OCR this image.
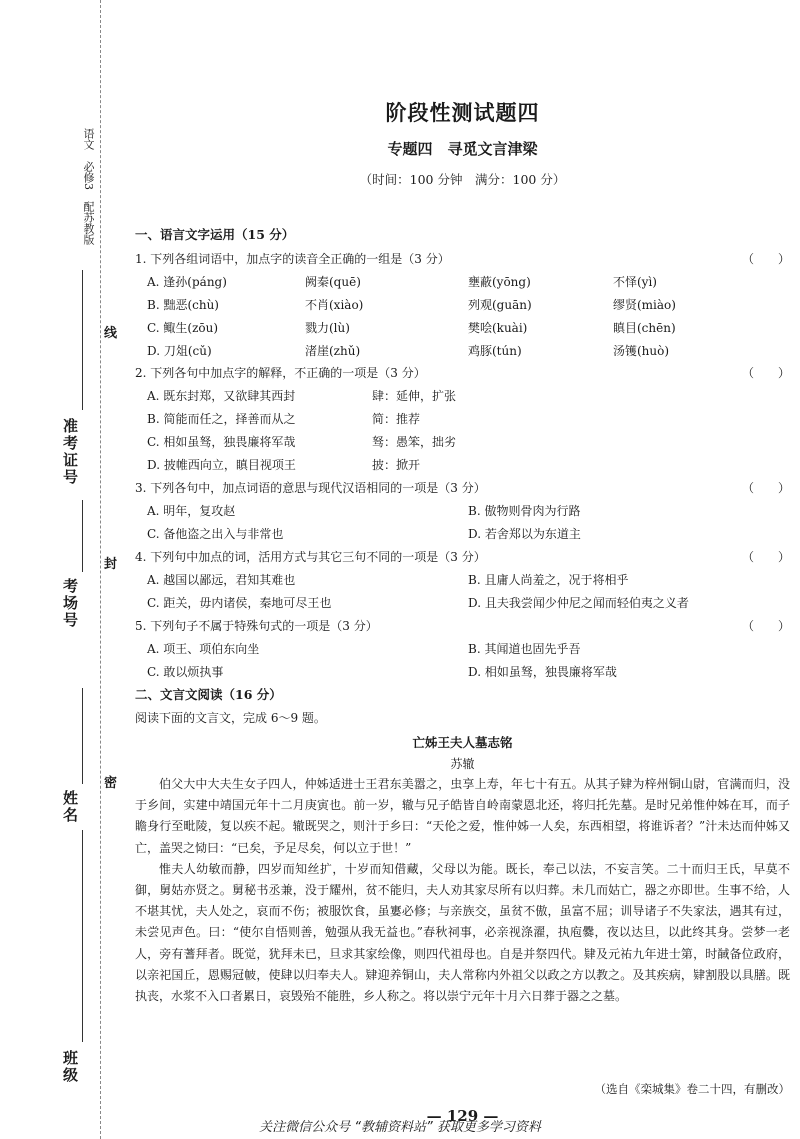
语文　必修3　配苏教版
准考证号
考场号
姓名
班级
线
封
密
阶段性测试题四
专题四　寻觅文言津梁
（时间：100 分钟　满分：100 分）
一、语言文字运用（15 分）
1. 下列各组词语中，加点字的读音全正确的一组是（3 分）	（　　）
A. 逢孙(páng)	阙秦(quē)	壅蔽(yōng)	不怿(yì)
B. 黜恶(chù)	不肖(xiào)	列观(guān)	缪贤(miào)
C. 鲰生(zōu)	戮力(lù)	樊哙(kuài)	瞋目(chēn)
D. 刀俎(cǔ)	渚崖(zhǔ)	鸡豚(tún)	汤镬(huò)
2. 下列各句中加点字的解释，不正确的一项是（3 分）	（　　）
A. 既东封郑，又欲肆其西封	肆：延伸，扩张
B. 简能而任之，择善而从之	简：推荐
C. 相如虽驽，独畏廉将军哉	驽：愚笨，拙劣
D. 披帷西向立，瞋目视项王	披：掀开
3. 下列各句中，加点词语的意思与现代汉语相同的一项是（3 分）	（　　）
A. 明年，复攻赵	B. 傲物则骨肉为行路
C. 备他盗之出入与非常也	D. 若舍郑以为东道主
4. 下列句中加点的词，活用方式与其它三句不同的一项是（3 分）	（　　）
A. 越国以鄙远，君知其难也	B. 且庸人尚羞之，况于将相乎
C. 距关，毋内诸侯，秦地可尽王也	D. 且夫我尝闻少仲尼之闻而轻伯夷之义者
5. 下列句子不属于特殊句式的一项是（3 分）	（　　）
A. 项王、项伯东向坐	B. 其闻道也固先乎吾
C. 敢以烦执事	D. 相如虽驽，独畏廉将军哉
二、文言文阅读（16 分）
阅读下面的文言文，完成 6～9 题。
亡姊王夫人墓志铭
苏辙

伯父大中大夫生女子四人，仲姊适进士王君东美嚣之，虫享上寿，年七十有五。从其子肄为梓州铜山尉，官满而归，没于乡间，实建中靖国元年十二月庚寅也。前一岁，辙与兄子皓皆自岭南蒙恩北还，将归托先墓。是时兄弟惟仲姊在耳，而子瞻身行至毗陵，复以疾不起。辙既哭之，则汁于乡曰：“天伦之爱，惟仲姊一人矣，东西相望，将谁诉者？”汁未达而仲姊又亡，盖哭之恸曰：“已矣，予足尽矣，何以立于世！”

惟夫人幼敏而静，四岁而知丝扩，十岁而知借藏，父母以为能。既长，奉己以法，不妄言笑。二十而归王氏，早莫不御，舅姑亦贤之。舅秘书丞兼，没于耀州，贫不能归，夫人劝其家尽所有以归葬。未几而姑亡，器之亦即世。生事不给，人不堪其忧，夫人处之，哀而不伤；被服饮食，虽寠必修；与亲族交，虽贫不傲，虽富不屈；训导诸子不失家法，遇其有过，未尝见声色。曰：“使尔自悟则善，勉强从我无益也。”春秋祠事，必亲视涤濯，执庖爨，夜以达旦，以此终其身。尝梦一老人，旁有蓍拜者。既觉，犹拜未已，旦求其家绘像，则四代祖母也。自是并祭四代。肄及元祐九年进士第，时馘备位政府，以亲祀国丘，恩赐冠帔，使肆以归奉夫人。肄迎养铜山，夫人常称内外祖父以政之方以教之。及其疾病，肄割股以具膳。既执丧，水浆不入口者累日，哀毁殆不能胜，乡人称之。将以崇宁元年十月六日葬于器之之墓。

（选自《栾城集》卷二十四，有删改）
— 129 —
关注微信公众号 “教辅资料站” 获取更多学习资料
